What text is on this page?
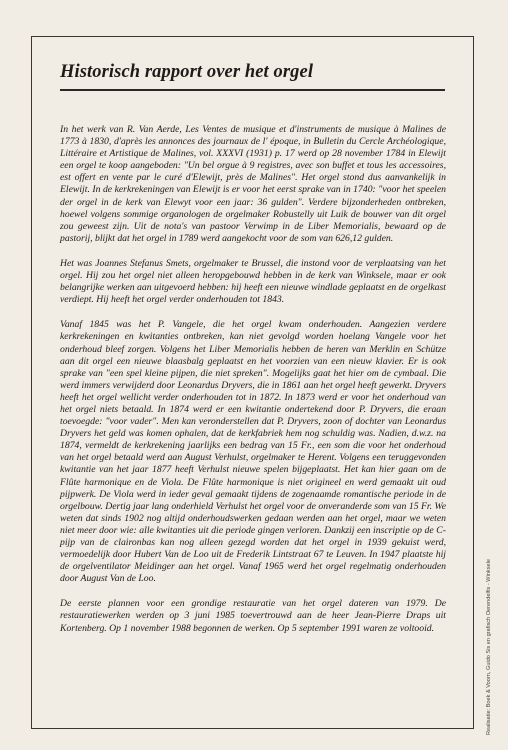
Historisch rapport over het orgel

In het werk van R. Van Aerde, Les Ventes de musique et d'instruments de musique à Malines de 1773 à 1830, d'après les annonces des journaux de l' époque, in Bulletin du Cercle Archéologique, Littéraire et Artistique de Malines, vol. XXXVI (1931) p. 17 werd op 28 november 1784 in Elewijt een orgel te koop aangeboden: "Un bel orgue à 9 registres, avec son buffet et tous les accessoires, est offert en vente par le curé d'Elewijt, près de Malines". Het orgel stond dus aanvankelijk in Elewijt. In de kerkrekeningen van Elewijt is er voor het eerst sprake van in 1740: "voor het speelen der orgel in de kerk van Elewyt voor een jaar: 36 gulden". Verdere bijzonderheden ontbreken, hoewel volgens sommige organologen de orgelmaker Robustelly uit Luik de bouwer van dit orgel zou geweest zijn. Uit de nota's van pastoor Verwimp in de Liber Memorialis, bewaard op de pastorij, blijkt dat het orgel in 1789 werd aangekocht voor de som van 626,12 gulden.

Het was Joannes Stefanus Smets, orgelmaker te Brussel, die instond voor de verplaatsing van het orgel. Hij zou het orgel niet alleen heropgebouwd hebben in de kerk van Winksele, maar er ook belangrijke werken aan uitgevoerd hebben: hij heeft een nieuwe windlade geplaatst en de orgelkast verdiept. Hij heeft het orgel verder onderhouden tot 1843.

Vanaf 1845 was het P. Vangele, die het orgel kwam onderhouden. Aangezien verdere kerkrekeningen en kwitanties ontbreken, kan niet gevolgd worden hoelang Vangele voor het onderhoud bleef zorgen. Volgens het Liber Memorialis hebben de heren van Merklin en Schütze aan dit orgel een nieuwe blaasbalg geplaatst en het voorzien van een nieuw klavier. Er is ook sprake van "een spel kleine pijpen, die niet spreken". Mogelijks gaat het hier om de cymbaal. Die werd immers verwijderd door Leonardus Dryvers, die in 1861 aan het orgel heeft gewerkt. Dryvers heeft het orgel wellicht verder onderhouden tot in 1872. In 1873 werd er voor het onderhoud van het orgel niets betaald. In 1874 werd er een kwitantie ondertekend door P. Dryvers, die eraan toevoegde: "voor vader". Men kan veronderstellen dat P. Dryvers, zoon of dochter van Leonardus Dryvers het geld was komen ophalen, dat de kerkfabriek hem nog schuldig was. Nadien, d.w.z. na 1874, vermeldt de kerkrekening jaarlijks een bedrag van 15 Fr., een som die voor het onderhoud van het orgel betaald werd aan August Verhulst, orgelmaker te Herent. Volgens een teruggevonden kwitantie van het jaar 1877 heeft Verhulst nieuwe spelen bijgeplaatst. Het kan hier gaan om de Flûte harmonique en de Viola. De Flûte harmonique is niet origineel en werd gemaakt uit oud pijpwerk. De Viola werd in ieder geval gemaakt tijdens de zogenaamde romantische periode in de orgelbouw. Dertig jaar lang onderhield Verhulst het orgel voor de onveranderde som van 15 Fr. We weten dat sinds 1902 nog altijd onderhoudswerken gedaan werden aan het orgel, maar we weten niet meer door wie: alle kwitanties uit die periode gingen verloren. Dankzij een inscriptie op de C-pijp van de claironbas kan nog alleen gezegd worden dat het orgel in 1939 gekuist werd, vermoedelijk door Hubert Van de Loo uit de Frederik Lintstraat 67 te Leuven. In 1947 plaatste hij de orgelventilator Meidinger aan het orgel. Vanaf 1965 werd het orgel regelmatig onderhouden door August Van de Loo.

De eerste plannen voor een grondige restauratie van het orgel dateren van 1979. De restauratiewerken werden op 3 juni 1985 toevertrouwd aan de heer Jean-Pierre Draps uit Kortenberg. Op 1 november 1988 begonnen de werken. Op 5 september 1991 waren ze voltooid.	Realisatie: Boek & Voorn, Guido Sis en grafisch Oerendelfis - Winksele
